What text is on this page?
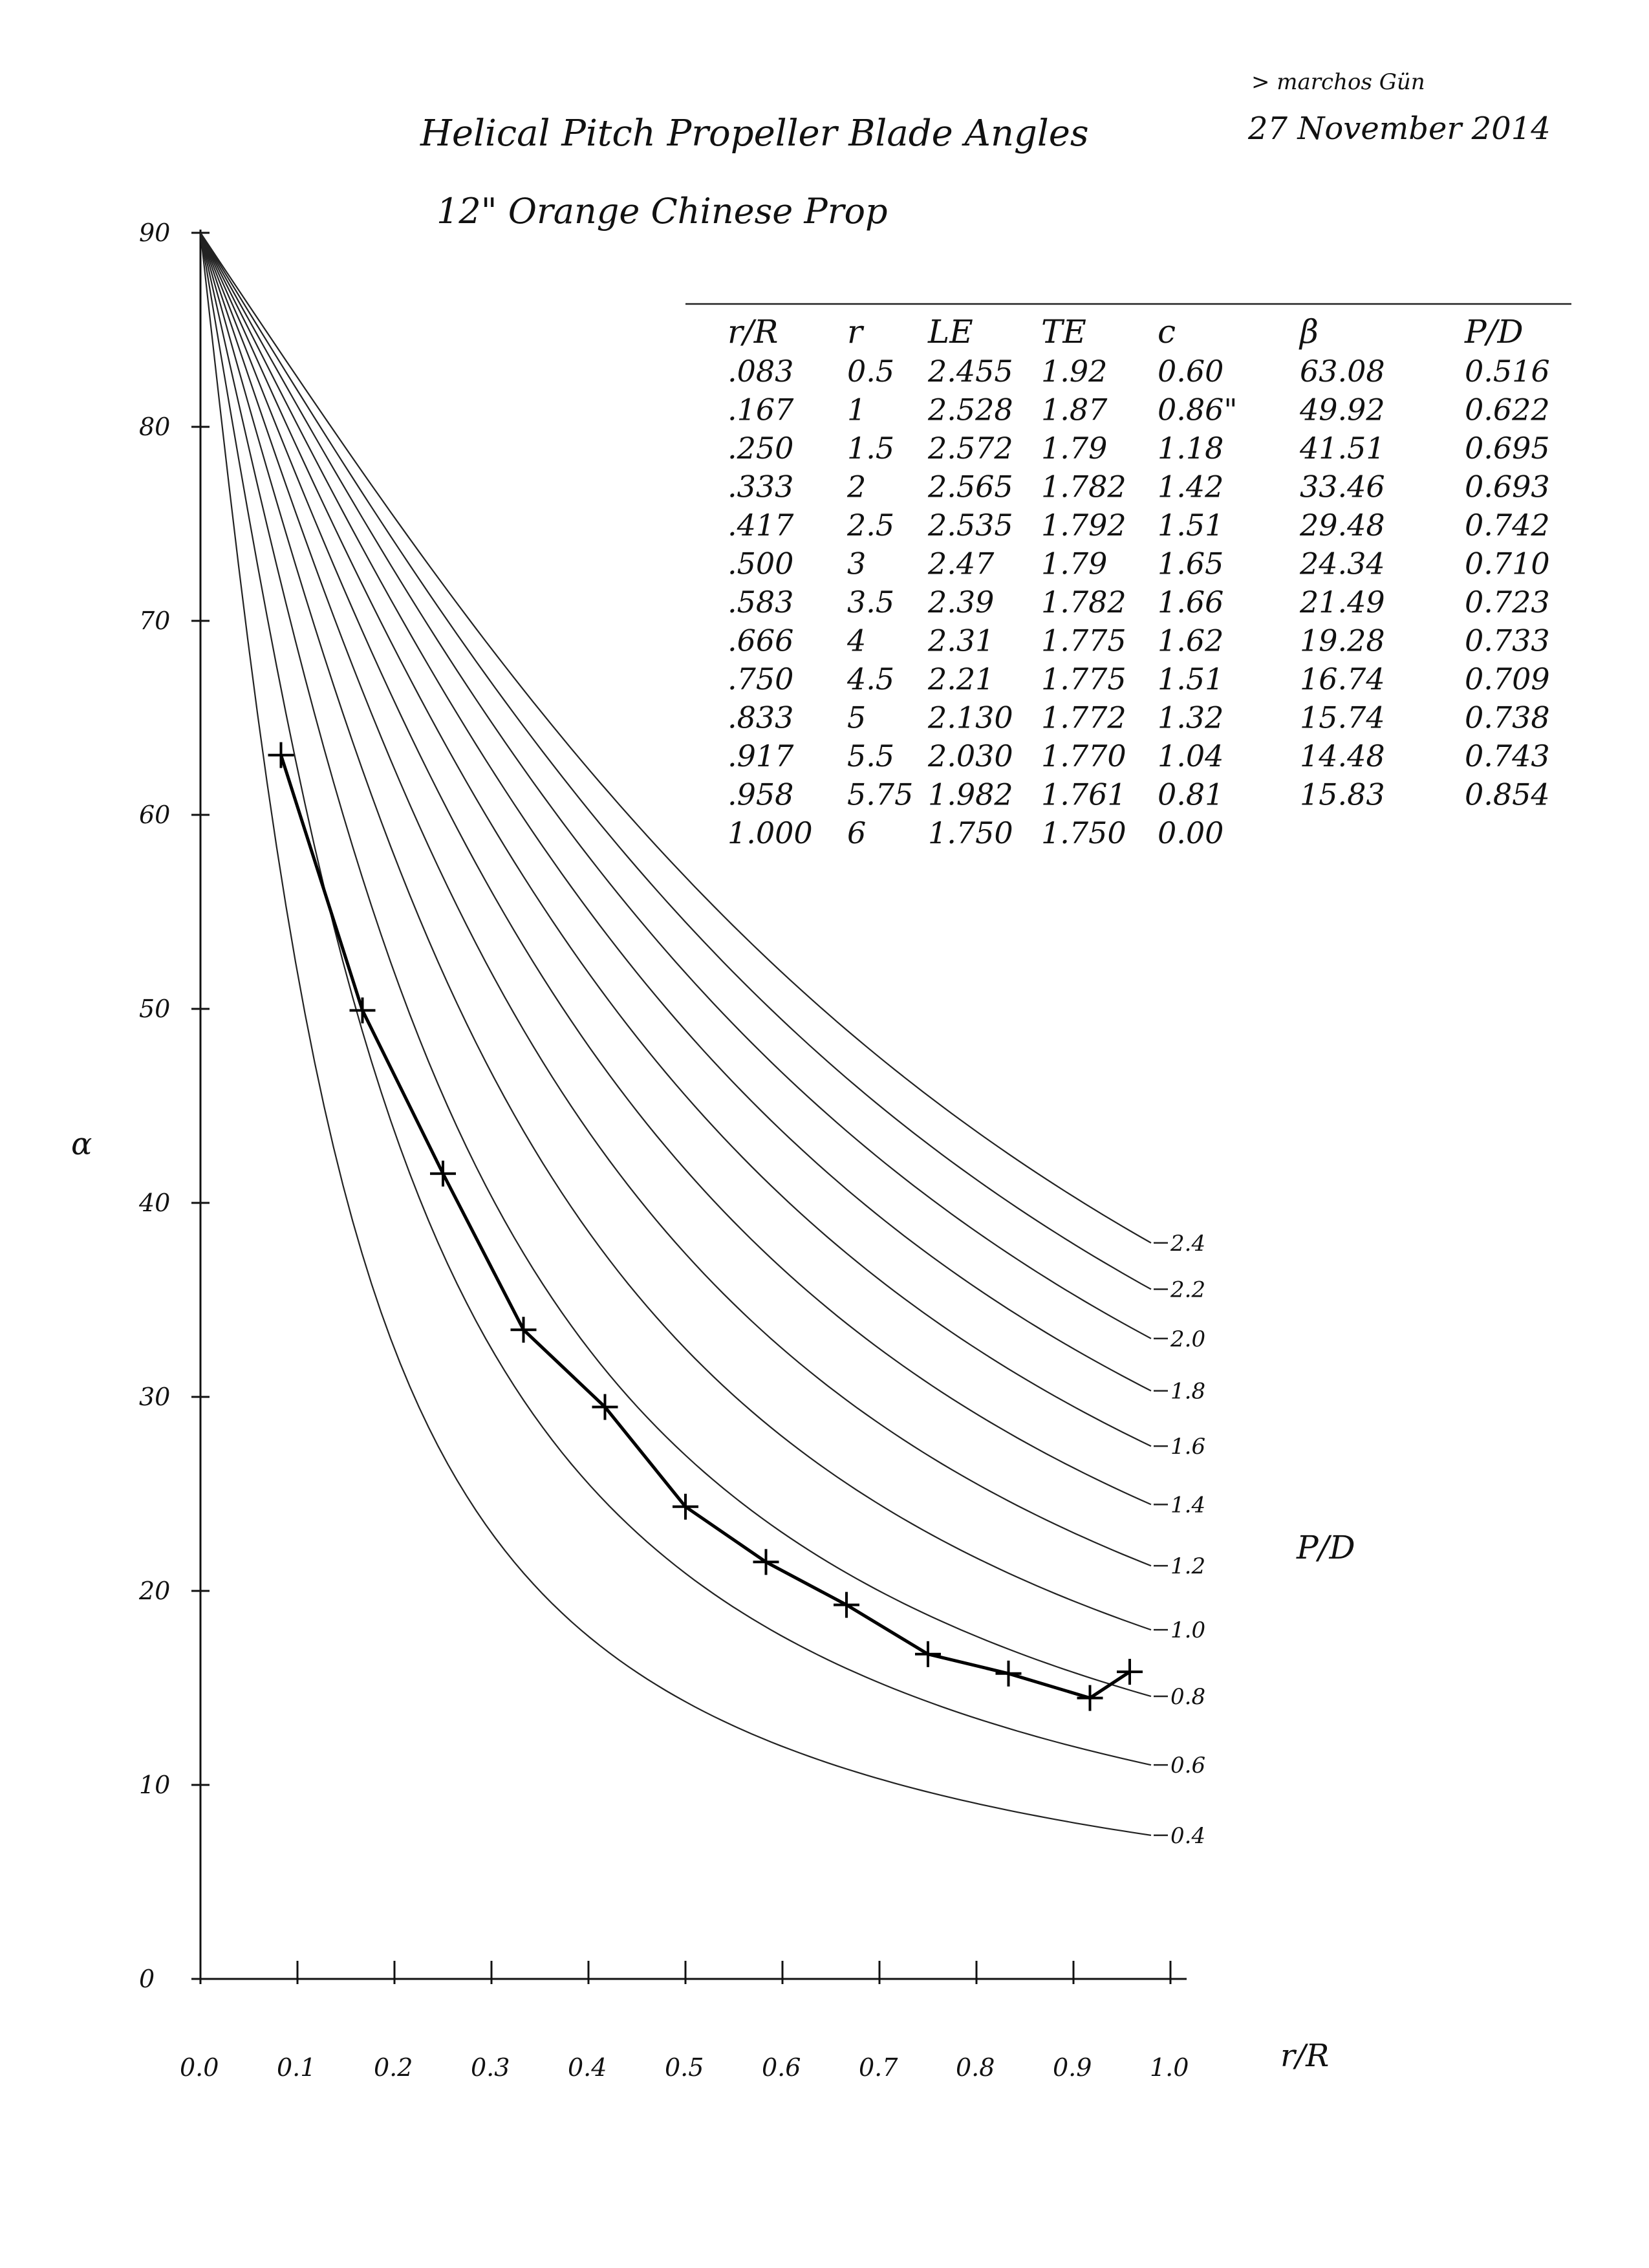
> marchos Gün
27 November 2014
Helical Pitch Propeller Blade Angles
12" Orange Chinese Prop
r/R r LE TE c	β	P/D
.083 0.5 2.455 1.92 0.60	63.08	0.516
.167 1 2.528 1.87 0.86" 49.92	0.622
.250 1.5 2.572 1.79 1.18	41.51	0.695
.333 2 2.565 1.782 1.42	33.46	0.693
.417 2.5 2.535 1.792 1.51	29.48	0.742
.500 3 2.47 1.79 1.65	24.34	0.710
.583 3.5 2.39 1.782 1.66	21.49	0.723
.666 4 2.31 1.775 1.62	19.28	0.733
.750 4.5 2.21 1.775 1.51	16.74	0.709
.833 5 2.130 1.772 1.32	15.74	0.738
.917 5.5 2.030 1.770 1.04	14.48	0.743
.958 5.75 1.982 1.761 0.81	15.83	0.854
1.000 6 1.750 1.750 0.00
0
10
20
30
40
50
60
70
80
90
0.0 0.1 0.2 0.3 0.4 0.5 0.6 0.7 0.8 0.9 1.0
α
r/R
P/D
0.4
0.6
0.8
1.0
1.2
1.4
1.6
1.8
2.0
2.2
2.4
